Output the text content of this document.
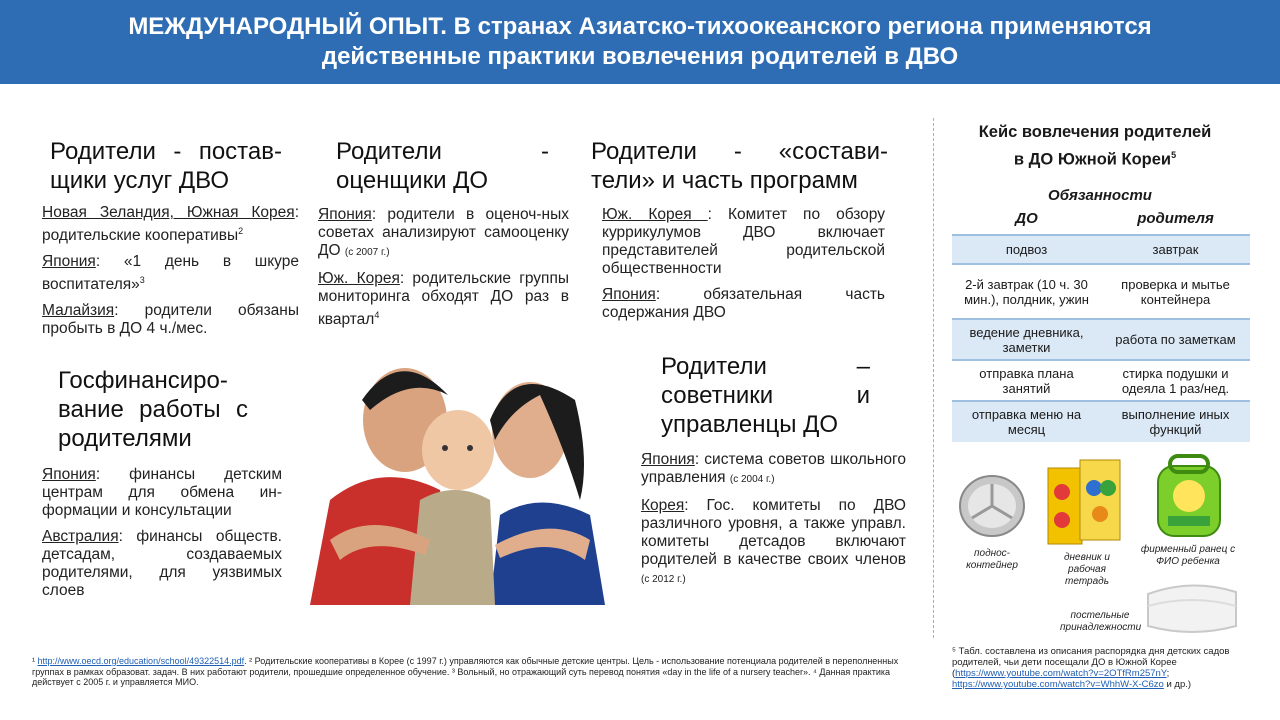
МЕЖДУНАРОДНЫЙ ОПЫТ. В странах Азиатско-тихоокеанского региона применяются
действенные практики вовлечения родителей в ДВО
Родители - постав-щики услуг ДВО

Новая Зеландия, Южная Корея: родительские кооперативы$^2$

Япония: «1 день в шкуре воспитателя»$^3$

Малайзия: родители обязаны пробыть в ДО 4 ч./мес.

Родители - оценщики ДО

Япония: родители в оценоч-ных советах анализируют самооценку ДО (с 2007 г.)

Юж. Корея: родительские группы мониторинга обходят ДО раз в квартал$^4$

Родители - «состави-тели» и часть программ

Юж. Корея : Комитет по обзору куррикулумов ДВО включает представителей родительской общественности

Япония: обязательная часть содержания ДВО

Госфинансиро-вание работы с родителями

Япония: финансы детским центрам для обмена ин-формации и консультации

Австралия: финансы обществ. детсадам, создаваемых родителями, для уязвимых слоев

Родители – советники и управленцы ДО

Япония: система советов школьного управления (с 2004 г.)

Корея: Гос. комитеты по ДВО различного уровня, а также управл. комитеты детсадов включают родителей в качестве своих членов (с 2012 г.)

Кейс вовлечения родителей
в ДО Южной Кореи$^5$
Обязанности
ДО	родителя
подвоз	завтрак
2-й завтрак (10 ч. 30 мин.), полдник, ужин	проверка и мытье контейнера
ведение дневника, заметки	работа по заметкам
отправка плана занятий	стирка подушки и одеяла 1 раз/нед.
отправка меню на месяц	выполнение иных функций
поднос-контейнер
дневник и рабочая тетрадь
фирменный ранец с ФИО ребенка
постельные принадлежности
¹ http://www.oecd.org/education/school/49322514.pdf. ² Родительские кооперативы в Корее (с 1997 г.) управляются как обычные детские центры. Цель - использование потенциала родителей в переполненных группах в рамках образоват. задач. В них работают родители, прошедшие определенное обучение. ³ Вольный, но отражающий суть перевод понятия «day in the life of a nursery teacher». ⁴ Данная практика действует с 2005 г. и управляется МИО.
⁵ Табл. составлена из описания распорядка дня детских садов родителей, чьи дети посещали ДО в Южной Корее (https://www.youtube.com/watch?v=2OTfRm257nY; https://www.youtube.com/watch?v=WhhW-X-C6zo и др.)
